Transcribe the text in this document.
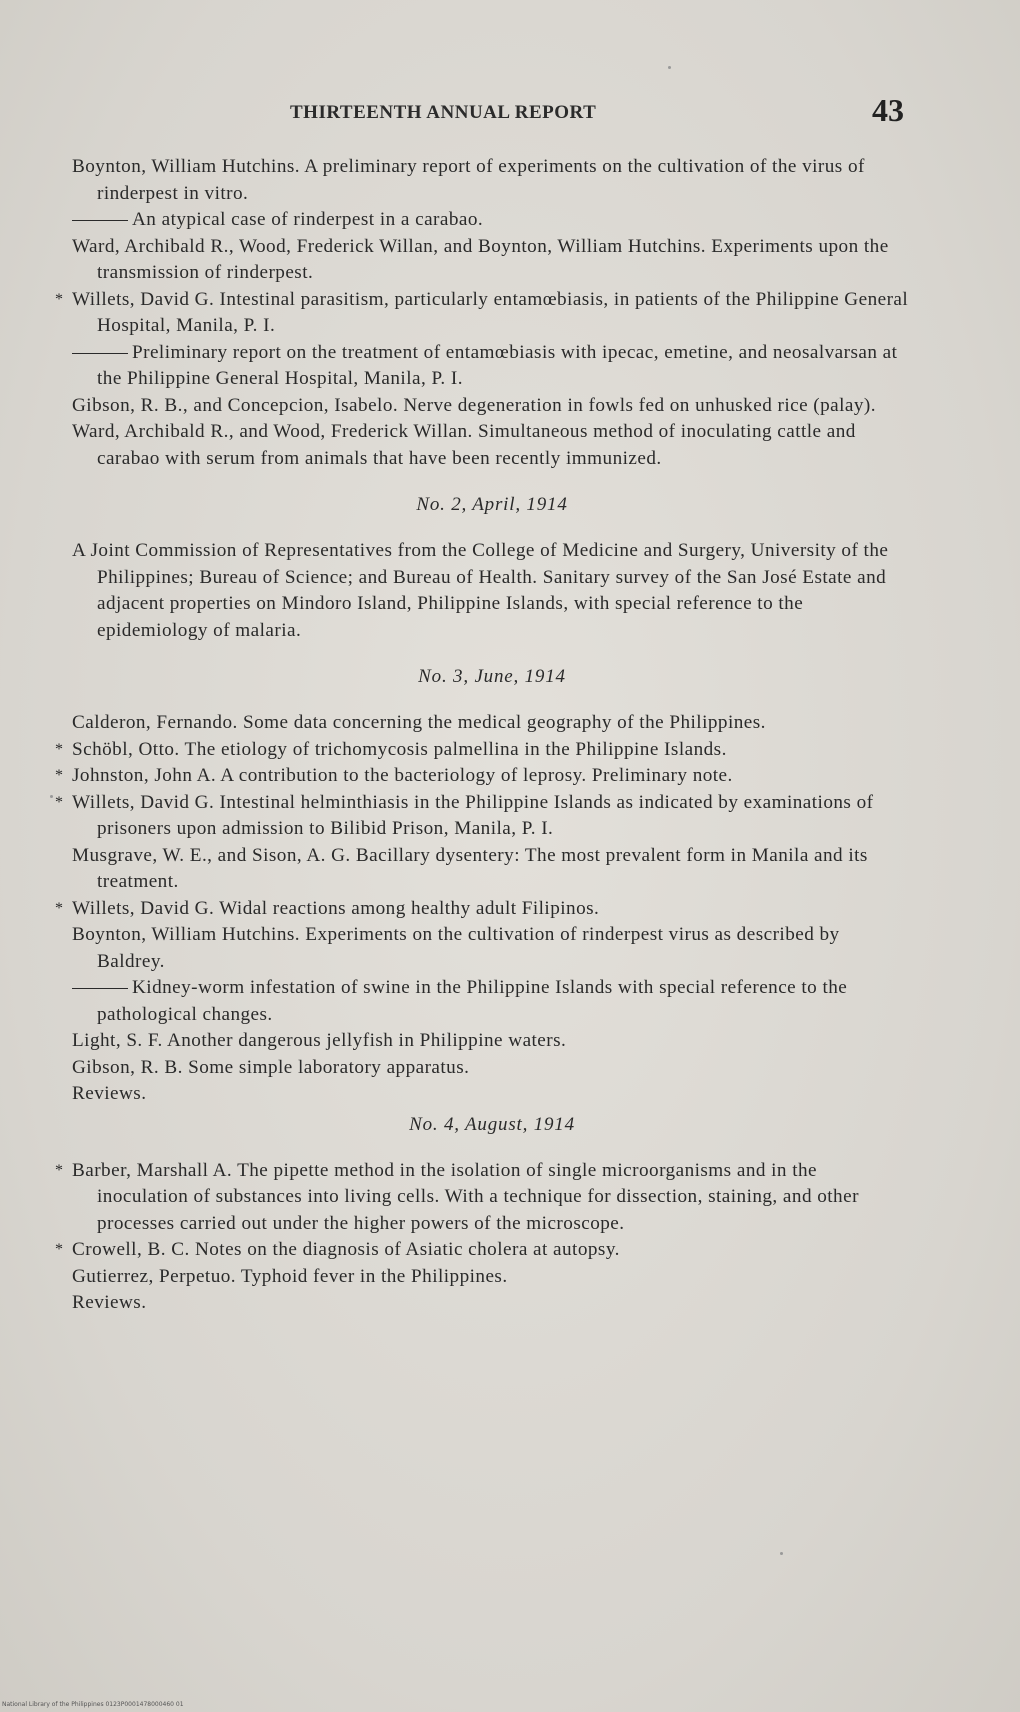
THIRTEENTH ANNUAL REPORT	43
Boynton, William Hutchins. A preliminary report of experiments on the cultivation of the virus of rinderpest in vitro.
An atypical case of rinderpest in a carabao.
Ward, Archibald R., Wood, Frederick Willan, and Boynton, William Hutchins. Experiments upon the transmission of rinderpest.
* Willets, David G. Intestinal parasitism, particularly entamœbiasis, in patients of the Philippine General Hospital, Manila, P. I.
Preliminary report on the treatment of entamœbiasis with ipecac, emetine, and neosalvarsan at the Philippine General Hospital, Manila, P. I.
Gibson, R. B., and Concepcion, Isabelo. Nerve degeneration in fowls fed on unhusked rice (palay).
Ward, Archibald R., and Wood, Frederick Willan. Simultaneous method of inoculating cattle and carabao with serum from animals that have been recently immunized.
No. 2, April, 1914
A Joint Commission of Representatives from the College of Medicine and Surgery, University of the Philippines; Bureau of Science; and Bureau of Health. Sanitary survey of the San José Estate and adjacent properties on Mindoro Island, Philippine Islands, with special reference to the epidemiology of malaria.
No. 3, June, 1914
Calderon, Fernando. Some data concerning the medical geography of the Philippines.
* Schöbl, Otto. The etiology of trichomycosis palmellina in the Philippine Islands.
* Johnston, John A. A contribution to the bacteriology of leprosy. Preliminary note.
* Willets, David G. Intestinal helminthiasis in the Philippine Islands as indicated by examinations of prisoners upon admission to Bilibid Prison, Manila, P. I.
Musgrave, W. E., and Sison, A. G. Bacillary dysentery: The most prevalent form in Manila and its treatment.
* Willets, David G. Widal reactions among healthy adult Filipinos.
Boynton, William Hutchins. Experiments on the cultivation of rinderpest virus as described by Baldrey.
Kidney-worm infestation of swine in the Philippine Islands with special reference to the pathological changes.
Light, S. F. Another dangerous jellyfish in Philippine waters.
Gibson, R. B. Some simple laboratory apparatus.
Reviews.
No. 4, August, 1914
* Barber, Marshall A. The pipette method in the isolation of single microorganisms and in the inoculation of substances into living cells. With a technique for dissection, staining, and other processes carried out under the higher powers of the microscope.
* Crowell, B. C. Notes on the diagnosis of Asiatic cholera at autopsy.
Gutierrez, Perpetuo. Typhoid fever in the Philippines.
Reviews.
National Library of the Philippines 0123P0001478000460 01
